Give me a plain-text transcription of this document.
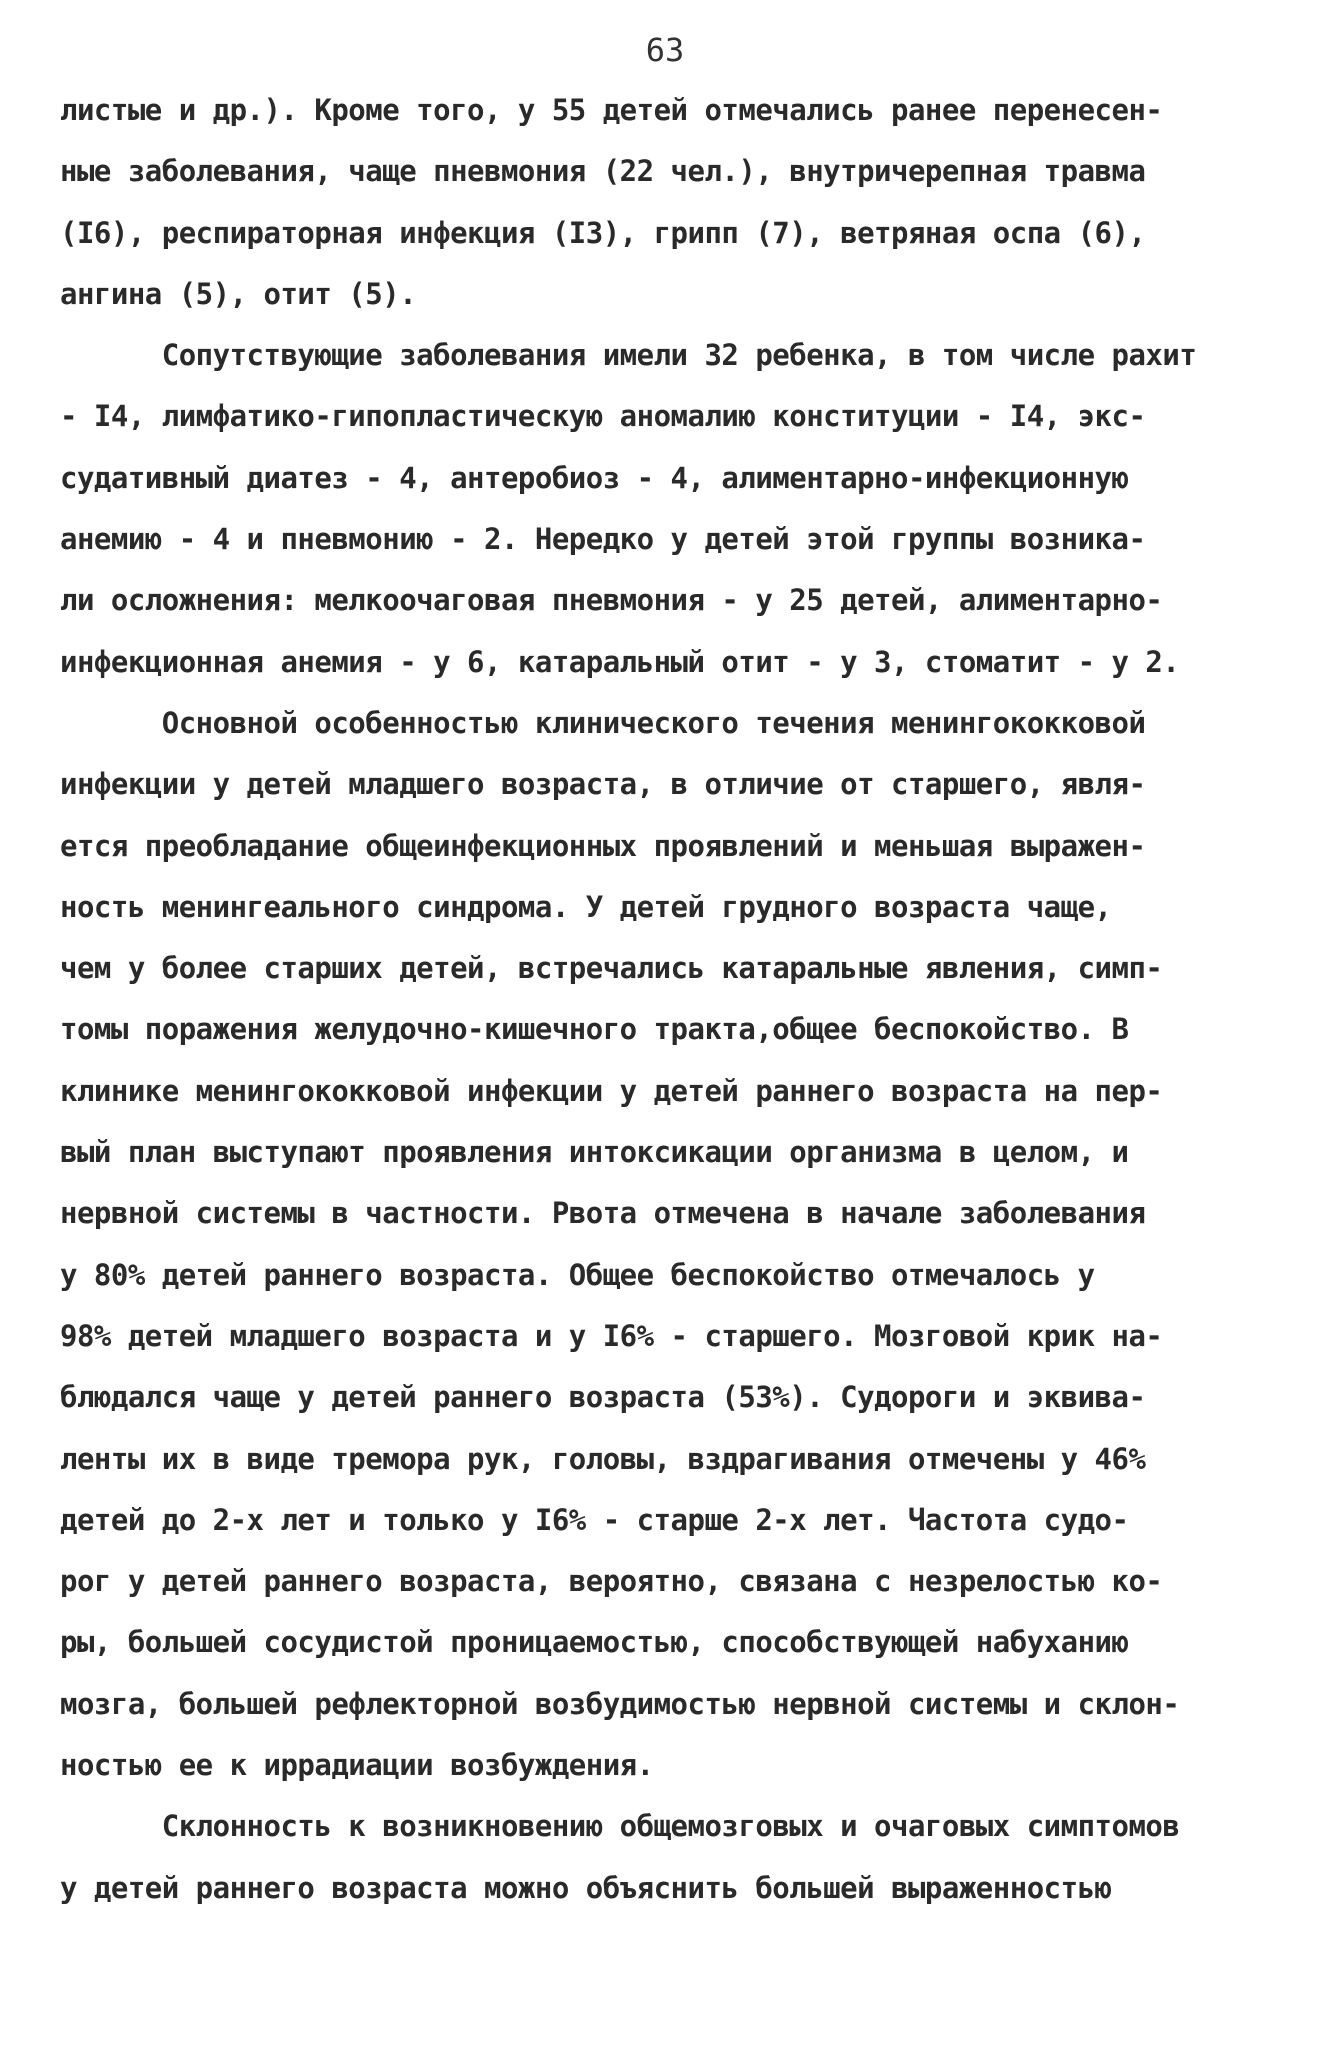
63
листые и др.). Кроме того, у 55 детей отмечались ранее перенесен-
ные заболевания, чаще пневмония (22 чел.), внутричерепная травма
(I6), респираторная инфекция (I3), грипп (7), ветряная оспа (6),
ангина (5), отит (5).
Сопутствующие заболевания имели 32 ребенка, в том числе рахит
- I4, лимфатико-гипопластическую аномалию конституции - I4, экс-
судативный диатез - 4, антеробиоз - 4, алиментарно-инфекционную
анемию - 4 и пневмонию - 2. Нередко у детей этой группы возника-
ли осложнения: мелкоочаговая пневмония - у 25 детей, алиментарно-
инфекционная анемия - у 6, катаральный отит - у 3, стоматит - у 2.
Основной особенностью клинического течения менингококковой
инфекции у детей младшего возраста, в отличие от старшего, явля-
ется преобладание общеинфекционных проявлений и меньшая выражен-
ность менингеального синдрома. У детей грудного возраста чаще,
чем у более старших детей, встречались катаральные явления, симп-
томы поражения желудочно-кишечного тракта,общее беспокойство. В
клинике менингококковой инфекции у детей раннего возраста на пер-
вый план выступают проявления интоксикации организма в целом, и
нервной системы в частности. Рвота отмечена в начале заболевания
у 80% детей раннего возраста. Общее беспокойство отмечалось у
98% детей младшего возраста и у I6% - старшего. Мозговой крик на-
блюдался чаще у детей раннего возраста (53%). Судороги и эквива-
ленты их в виде тремора рук, головы, вздрагивания отмечены у 46%
детей до 2-х лет и только у I6% - старше 2-х лет. Частота судо-
рог у детей раннего возраста, вероятно, связана с незрелостью ко-
ры, большей сосудистой проницаемостью, способствующей набуханию
мозга, большей рефлекторной возбудимостью нервной системы и склон-
ностью ее к иррадиации возбуждения.
Склонность к возникновению общемозговых и очаговых симптомов
у детей раннего возраста можно объяснить большей выраженностью
